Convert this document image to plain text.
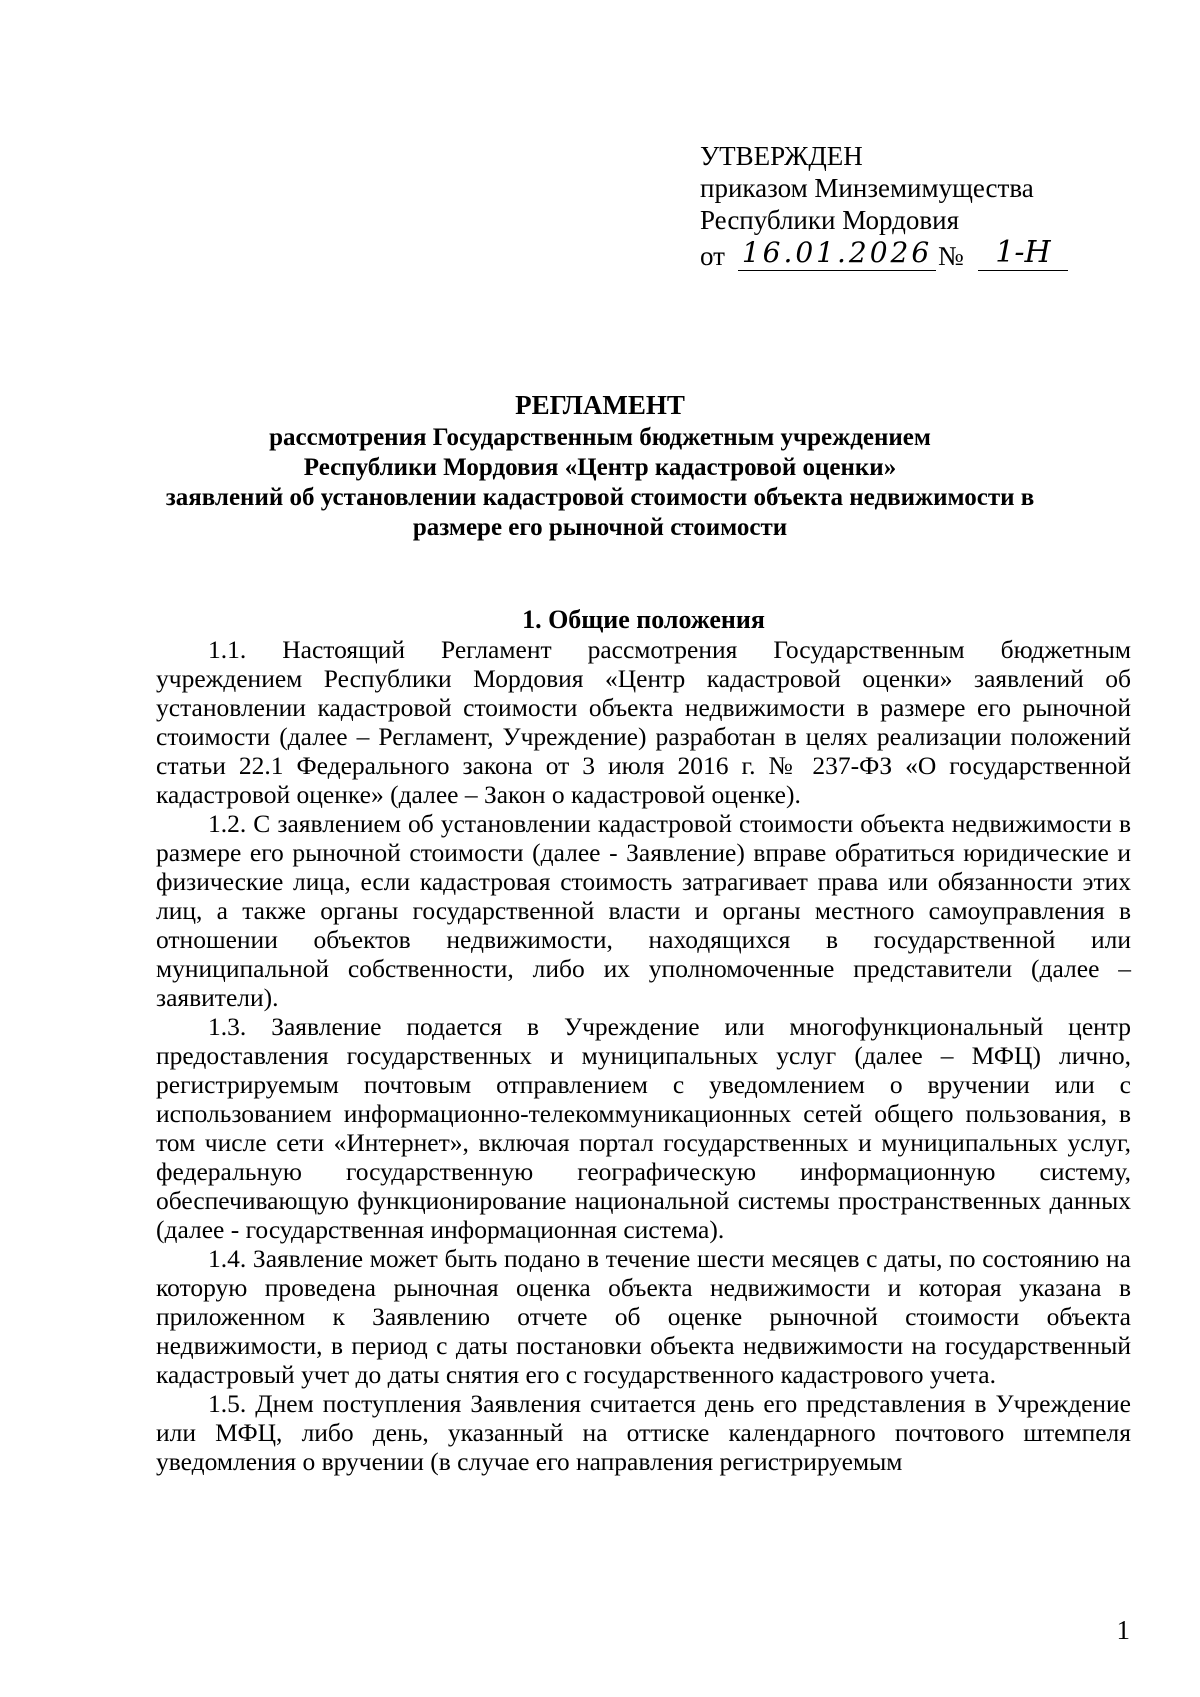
УТВЕРЖДЕН
приказом Минземимущества
Республики Мордовия
от 16.01.2026 №	1-Н
РЕГЛАМЕНТ
рассмотрения Государственным бюджетным учреждением
Республики Мордовия «Центр кадастровой оценки»
заявлений об установлении кадастровой стоимости объекта недвижимости в
размере его рыночной стоимости

1. Общие положения

1.1. Настоящий Регламент рассмотрения Государственным бюджетным учреждением Республики Мордовия «Центр кадастровой оценки» заявлений об установлении кадастровой стоимости объекта недвижимости в размере его рыночной стоимости (далее – Регламент, Учреждение) разработан в целях реализации положений статьи 22.1 Федерального закона от 3 июля 2016 г. № 237-ФЗ «О государственной кадастровой оценке» (далее – Закон о кадастровой оценке).

1.2. С заявлением об установлении кадастровой стоимости объекта недвижимости в размере его рыночной стоимости (далее - Заявление) вправе обратиться юридические и физические лица, если кадастровая стоимость затрагивает права или обязанности этих лиц, а также органы государственной власти и органы местного самоуправления в отношении объектов недвижимости, находящихся в государственной или муниципальной собственности, либо их уполномоченные представители (далее – заявители).

1.3. Заявление подается в Учреждение или многофункциональный центр предоставления государственных и муниципальных услуг (далее – МФЦ) лично, регистрируемым почтовым отправлением с уведомлением о вручении или с использованием информационно-телекоммуникационных сетей общего пользования, в том числе сети «Интернет», включая портал государственных и муниципальных услуг, федеральную государственную географическую информационную систему, обеспечивающую функционирование национальной системы пространственных данных (далее - государственная информационная система).

1.4. Заявление может быть подано в течение шести месяцев с даты, по состоянию на которую проведена рыночная оценка объекта недвижимости и которая указана в приложенном к Заявлению отчете об оценке рыночной стоимости объекта недвижимости, в период с даты постановки объекта недвижимости на государственный кадастровый учет до даты снятия его с государственного кадастрового учета.

1.5. Днем поступления Заявления считается день его представления в Учреждение или МФЦ, либо день, указанный на оттиске календарного почтового штемпеля уведомления о вручении (в случае его направления регистрируемым

1
